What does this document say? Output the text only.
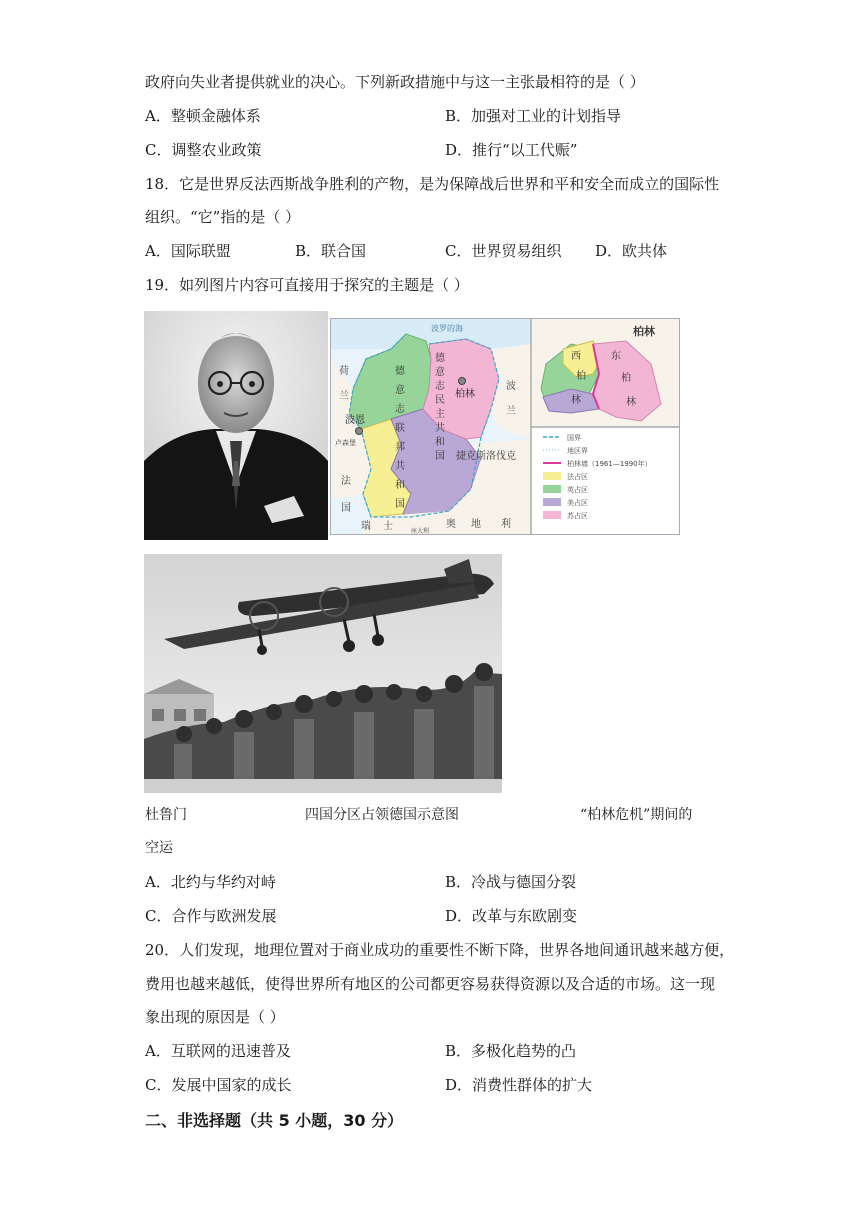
政府向失业者提供就业的决心。下列新政措施中与这一主张最相符的是（ ）
A．整顿金融体系	B．加强对工业的计划指导
C．调整农业政策	D．推行“以工代赈”
18．它是世界反法西斯战争胜利的产物，是为保障战后世界和平和安全而成立的国际性
组织。“它”指的是（ ）
A．国际联盟	B．联合国	C．世界贸易组织 D．欧共体
19．如列图片内容可直接用于探究的主题是（ ）
波罗的海
波
兰
荷
兰
波恩
柏林
德
意
志
联
邦
共
和
国
德
意
志
民
主
共
和
国 捷克斯洛伐克
法
国
卢森堡
瑞 士	奥 地 利
座大利
柏林
西
柏
林
东
柏
林
国界
地区界
柏林墙（1961—1990年）
法占区
英占区
美占区
苏占区
杜鲁门	四国分区占领德国示意图	“柏林危机”期间的
空运
A．北约与华约对峙	B．冷战与德国分裂
C．合作与欧洲发展	D．改革与东欧剧变
20．人们发现，地理位置对于商业成功的重要性不断下降，世界各地间通讯越来越方便，
费用也越来越低，使得世界所有地区的公司都更容易获得资源以及合适的市场。这一现
象出现的原因是（ ）
A．互联网的迅速普及	B．多极化趋势的凸
C．发展中国家的成长	D．消费性群体的扩大
二、非选择题（共 5 小题，30 分）
